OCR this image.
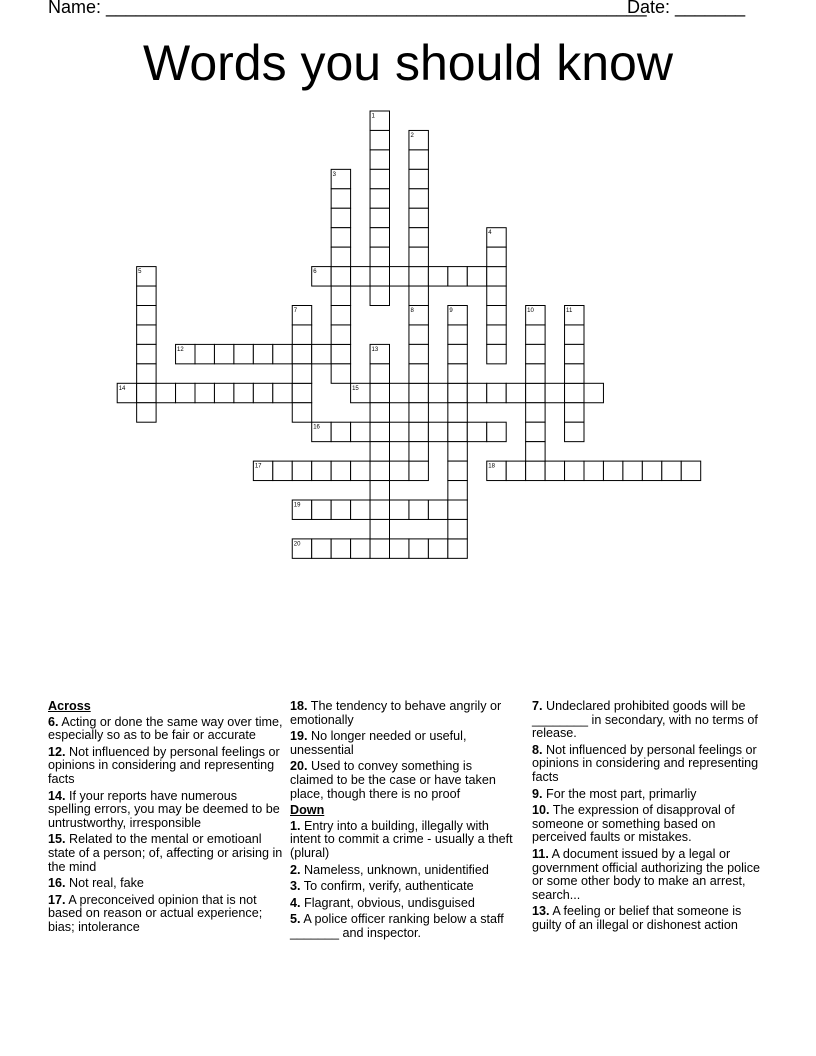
Name: ______________________________________________________
Date: _______
Words you should know
6
12
14	15
16
17	18
19
20
1
2
3
4
5
7	8	9	10	11
13
Across
6. Acting or done the same way over time, especially so as to be fair or accurate
12. Not influenced by personal feelings or opinions in considering and representing facts
14. If your reports have numerous spelling errors, you may be deemed to be untrustworthy, irresponsible
15. Related to the mental or emotioanl state of a person; of, affecting or arising in the mind
16. Not real, fake
17. A preconceived opinion that is not based on reason or actual experience; bias; intolerance
18. The tendency to behave angrily or emotionally
19. No longer needed or useful, unessential
20. Used to convey something is claimed to be the case or have taken place, though there is no proof
Down
1. Entry into a building, illegally with intent to commit a crime - usually a theft (plural)
2. Nameless, unknown, unidentified
3. To confirm, verify, authenticate
4. Flagrant, obvious, undisguised
5. A police officer ranking below a staff _______ and inspector.
7. Undeclared prohibited goods will be ________ in secondary, with no terms of release.
8. Not influenced by personal feelings or opinions in considering and representing facts
9. For the most part, primarliy
10. The expression of disapproval of someone or something based on perceived faults or mistakes.
11. A document issued by a legal or government official authorizing the police or some other body to make an arrest, search...
13. A feeling or belief that someone is guilty of an illegal or dishonest action
